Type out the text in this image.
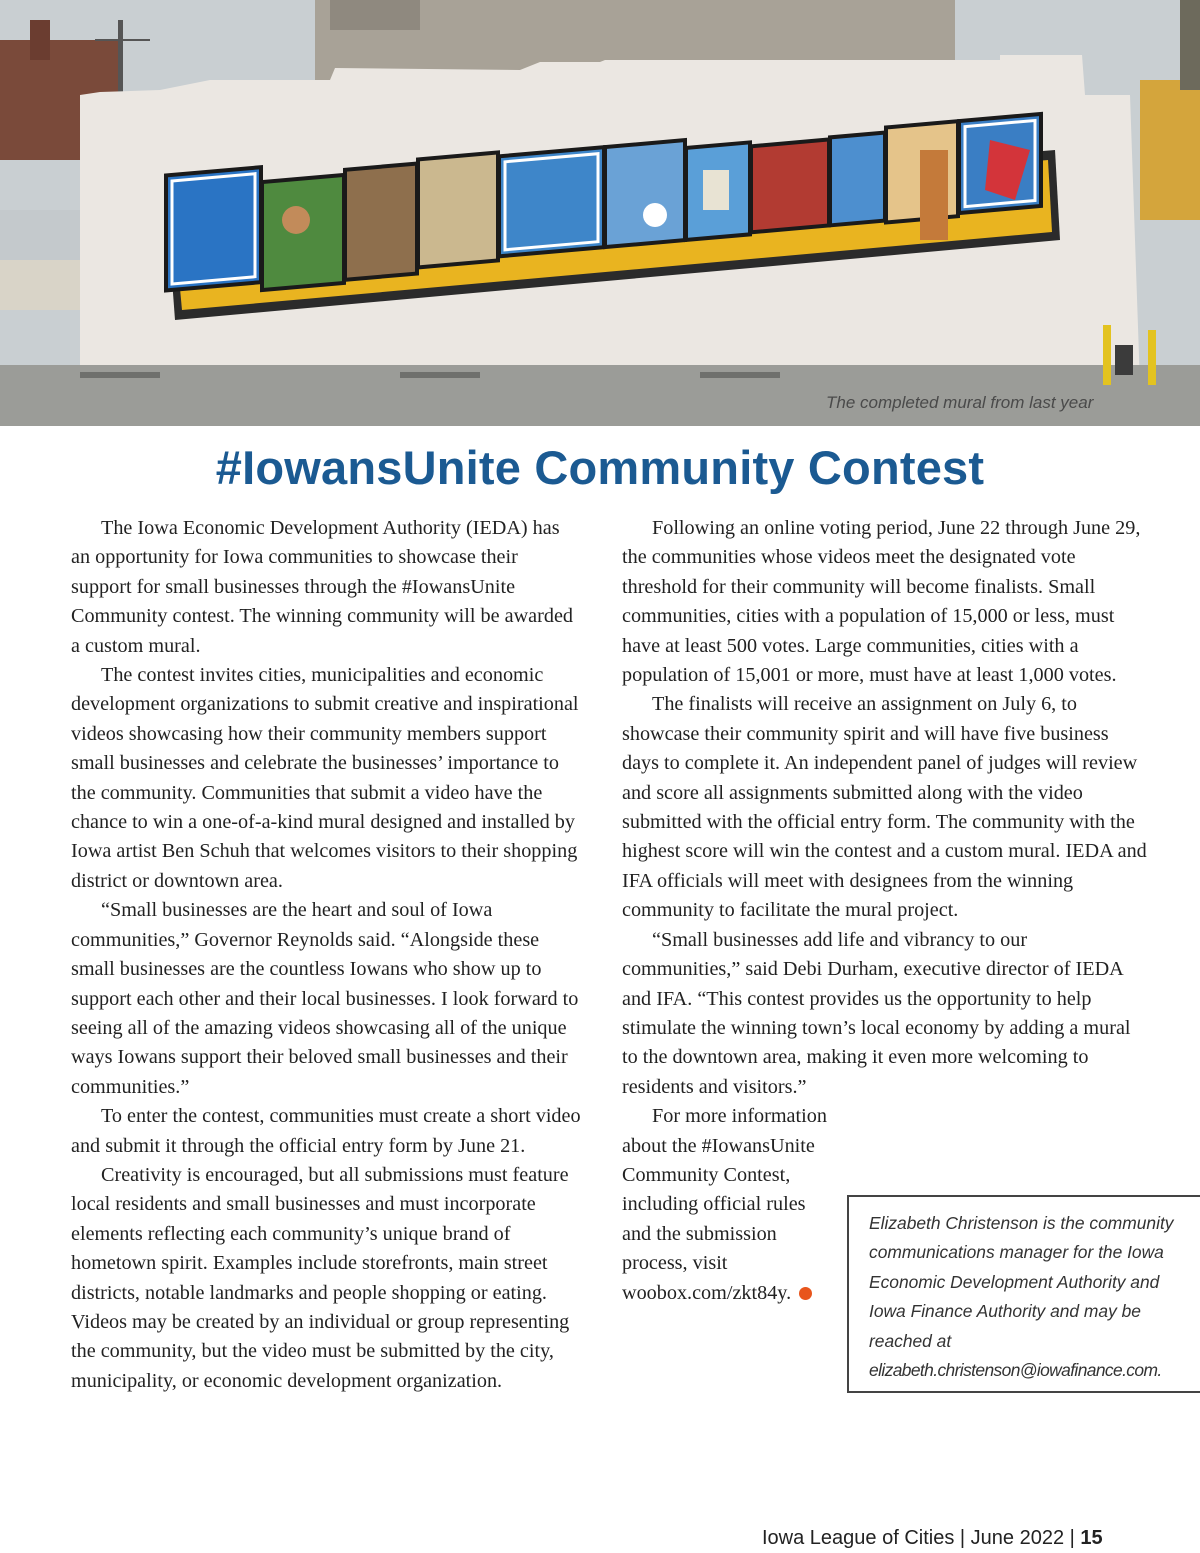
The completed mural from last year
#IowansUnite Community Contest

The Iowa Economic Development Authority (IEDA) has an opportunity for Iowa communities to showcase their support for small businesses through the #IowansUnite Community contest. The winning community will be awarded a custom mural.

The contest invites cities, municipalities and economic development organizations to submit creative and inspirational videos showcasing how their community members support small businesses and celebrate the businesses’ importance to the community. Communities that submit a video have the chance to win a one-of-a-kind mural designed and installed by Iowa artist Ben Schuh that welcomes visitors to their shopping district or downtown area.

“Small businesses are the heart and soul of Iowa communities,” Governor Reynolds said. “Alongside these small businesses are the countless Iowans who show up to support each other and their local businesses. I look forward to seeing all of the amazing videos showcasing all of the unique ways Iowans support their beloved small businesses and their communities.”

To enter the contest, communities must create a short video and submit it through the official entry form by June 21.

Creativity is encouraged, but all submissions must feature local residents and small businesses and must incorporate elements reflecting each community’s unique brand of hometown spirit. Examples include storefronts, main street districts, notable landmarks and people shopping or eating. Videos may be created by an individual or group representing the community, but the video must be submitted by the city, municipality, or economic development organization.

Following an online voting period, June 22 through June 29, the communities whose videos meet the designated vote threshold for their community will become finalists. Small communities, cities with a population of 15,000 or less, must have at least 500 votes. Large communities, cities with a population of 15,001 or more, must have at least 1,000 votes.

The finalists will receive an assignment on July 6, to showcase their community spirit and will have five business days to complete it. An independent panel of judges will review and score all assignments submitted along with the video submitted with the official entry form. The community with the highest score will win the contest and a custom mural. IEDA and IFA officials will meet with designees from the winning community to facilitate the mural project.

“Small businesses add life and vibrancy to our communities,” said Debi Durham, executive director of IEDA and IFA. “This contest provides us the opportunity to help stimulate the winning town’s local economy by adding a mural to the downtown area, making it even more welcoming to residents and visitors.”

For more information about the #IowansUnite Community Contest, including official rules and the submission process, visit woobox.com/zkt84y.

Elizabeth Christenson is the community communications manager for the Iowa Economic Development Authority and Iowa Finance Authority and may be reached at
elizabeth.christenson@iowafinance.com.
Iowa League of Cities | June 2022 | 15
